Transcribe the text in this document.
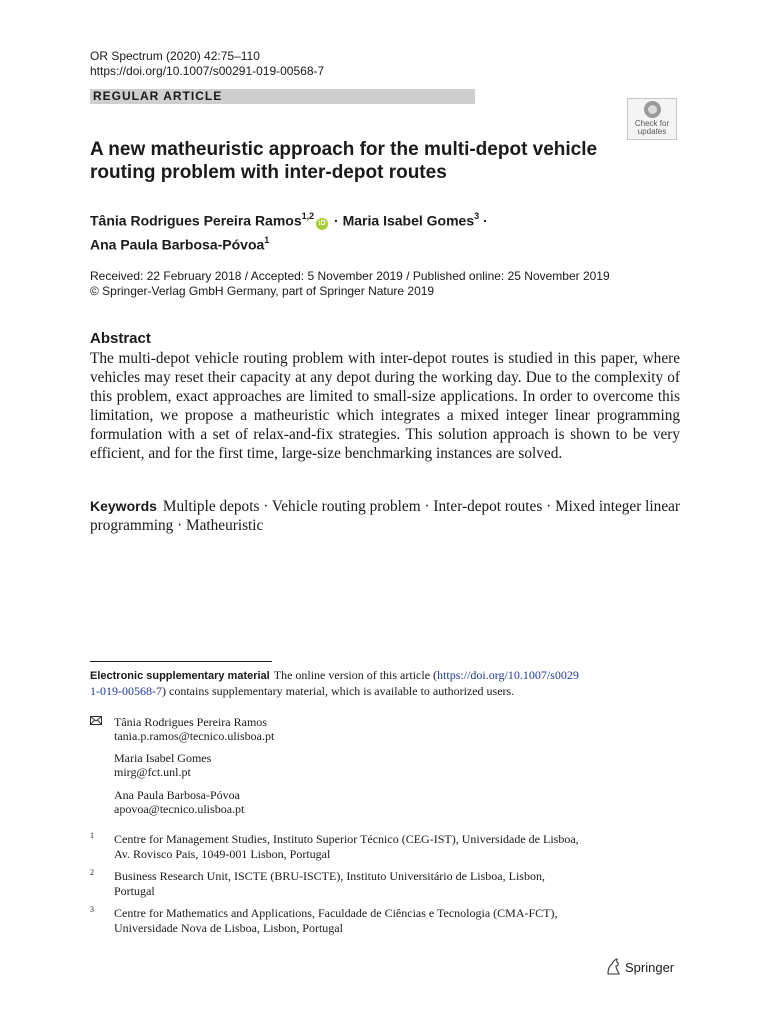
OR Spectrum (2020) 42:75–110
https://doi.org/10.1007/s00291-019-00568-7
REGULAR ARTICLE
Check for updates
A new matheuristic approach for the multi-depot vehicle
routing problem with inter-depot routes
Tânia Rodrigues Pereira Ramos$^{1,2}$iD · Maria Isabel Gomes$^3$ ·
Ana Paula Barbosa-Póvoa$^1$
Received: 22 February 2018 / Accepted: 5 November 2019 / Published online: 25 November 2019
© Springer-Verlag GmbH Germany, part of Springer Nature 2019
Abstract
The multi-depot vehicle routing problem with inter-depot routes is studied in this paper, where vehicles may reset their capacity at any depot during the working day. Due to the complexity of this problem, exact approaches are limited to small-size applications. In order to overcome this limitation, we propose a matheuristic which integrates a mixed integer linear programming formulation with a set of relax-and-fix strategies. This solution approach is shown to be very efficient, and for the first time, large-size benchmarking instances are solved.
Keywords Multiple depots · Vehicle routing problem · Inter-depot routes · Mixed integer linear programming · Matheuristic
Electronic supplementary material The online version of this article (https://doi.org/10.1007/s0029
1-019-00568-7) contains supplementary material, which is available to authorized users.
Tânia Rodrigues Pereira Ramos
tania.p.ramos@tecnico.ulisboa.pt
Maria Isabel Gomes
mirg@fct.unl.pt
Ana Paula Barbosa-Póvoa
apovoa@tecnico.ulisboa.pt
1 Centre for Management Studies, Instituto Superior Técnico (CEG-IST), Universidade de Lisboa,
Av. Rovisco Pais, 1049-001 Lisbon, Portugal
2 Business Research Unit, ISCTE (BRU-ISCTE), Instituto Universitário de Lisboa, Lisbon,
Portugal
3 Centre for Mathematics and Applications, Faculdade de Ciências e Tecnologia (CMA-FCT),
Universidade Nova de Lisboa, Lisbon, Portugal
Springer
